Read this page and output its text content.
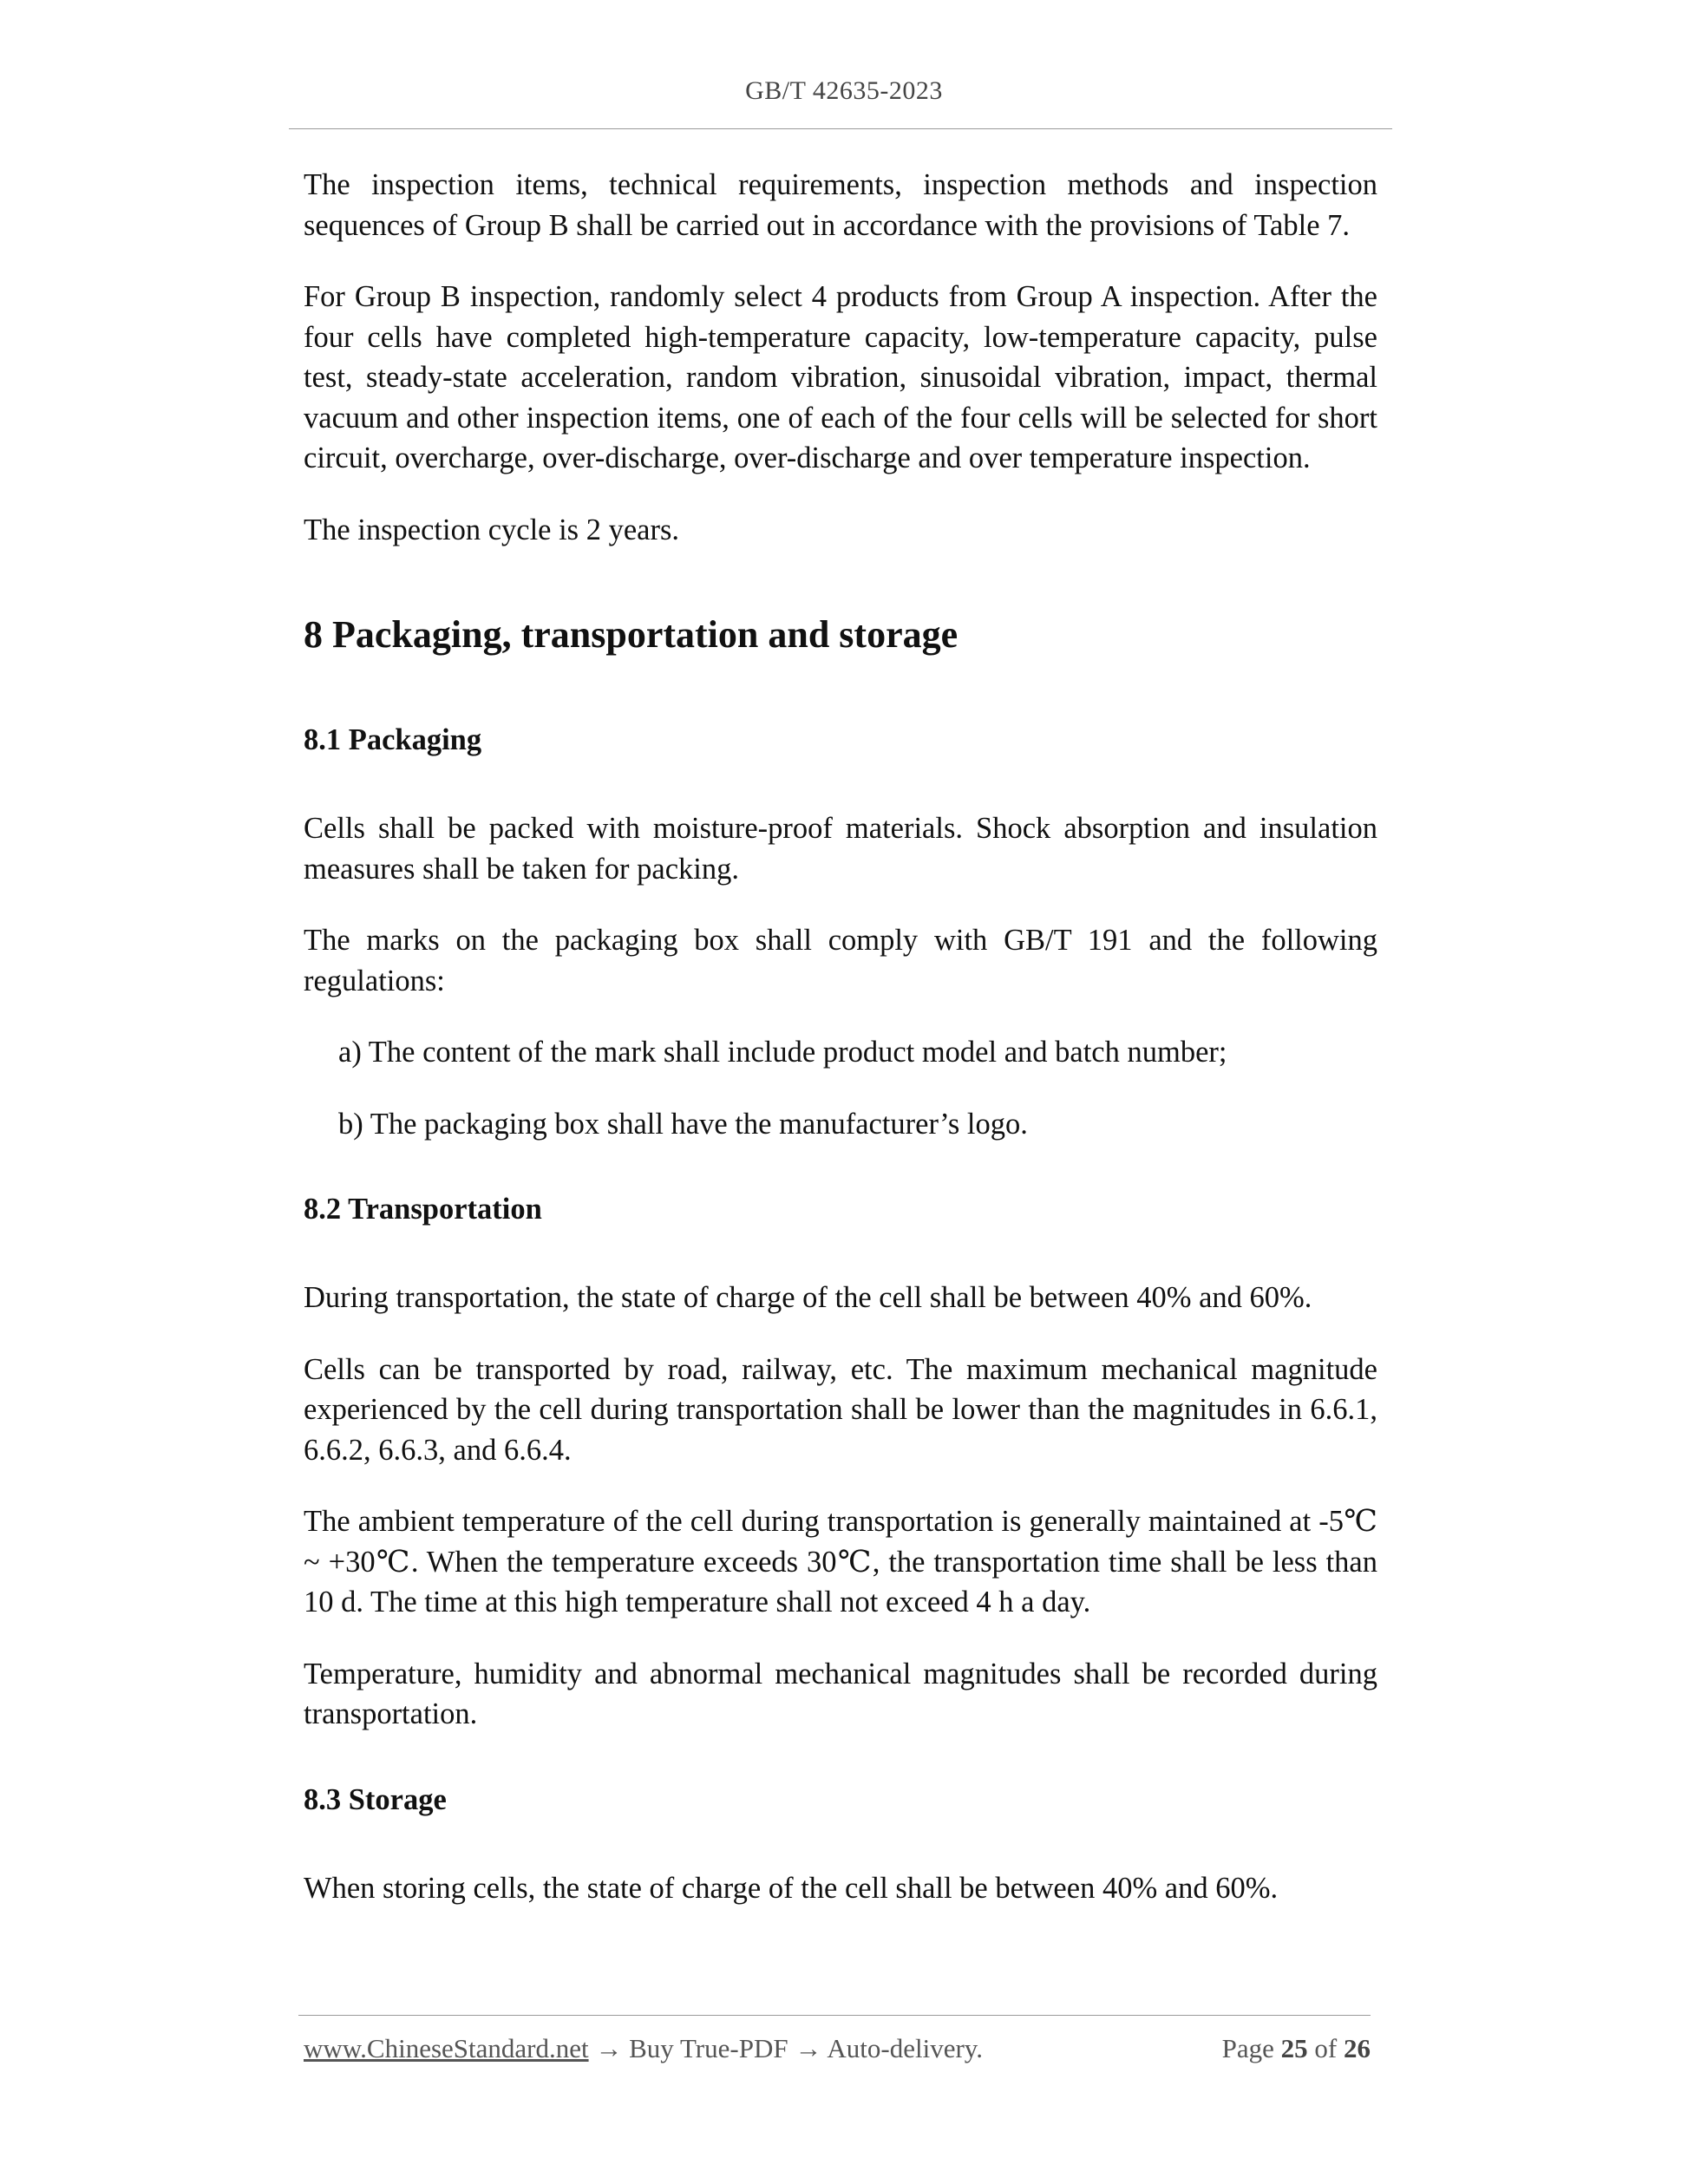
GB/T 42635-2023

The inspection items, technical requirements, inspection methods and inspection sequences of Group B shall be carried out in accordance with the provisions of Table 7.

For Group B inspection, randomly select 4 products from Group A inspection. After the four cells have completed high-temperature capacity, low-temperature capacity, pulse test, steady-state acceleration, random vibration, sinusoidal vibration, impact, thermal vacuum and other inspection items, one of each of the four cells will be selected for short circuit, overcharge, over-discharge, over-discharge and over temperature inspection.

The inspection cycle is 2 years.

8 Packaging, transportation and storage
8.1 Packaging

Cells shall be packed with moisture-proof materials. Shock absorption and insulation measures shall be taken for packing.

The marks on the packaging box shall comply with GB/T 191 and the following regulations:

a) The content of the mark shall include product model and batch number;
b) The packaging box shall have the manufacturer’s logo.
8.2 Transportation

During transportation, the state of charge of the cell shall be between 40% and 60%.

Cells can be transported by road, railway, etc. The maximum mechanical magnitude experienced by the cell during transportation shall be lower than the magnitudes in 6.6.1, 6.6.2, 6.6.3, and 6.6.4.

The ambient temperature of the cell during transportation is generally maintained at -5℃ ~ +30℃. When the temperature exceeds 30℃, the transportation time shall be less than 10 d. The time at this high temperature shall not exceed 4 h a day.

Temperature, humidity and abnormal mechanical magnitudes shall be recorded during transportation.

8.3 Storage

When storing cells, the state of charge of the cell shall be between 40% and 60%.

www.ChineseStandard.net → Buy True-PDF → Auto-delivery.	Page 25 of 26
